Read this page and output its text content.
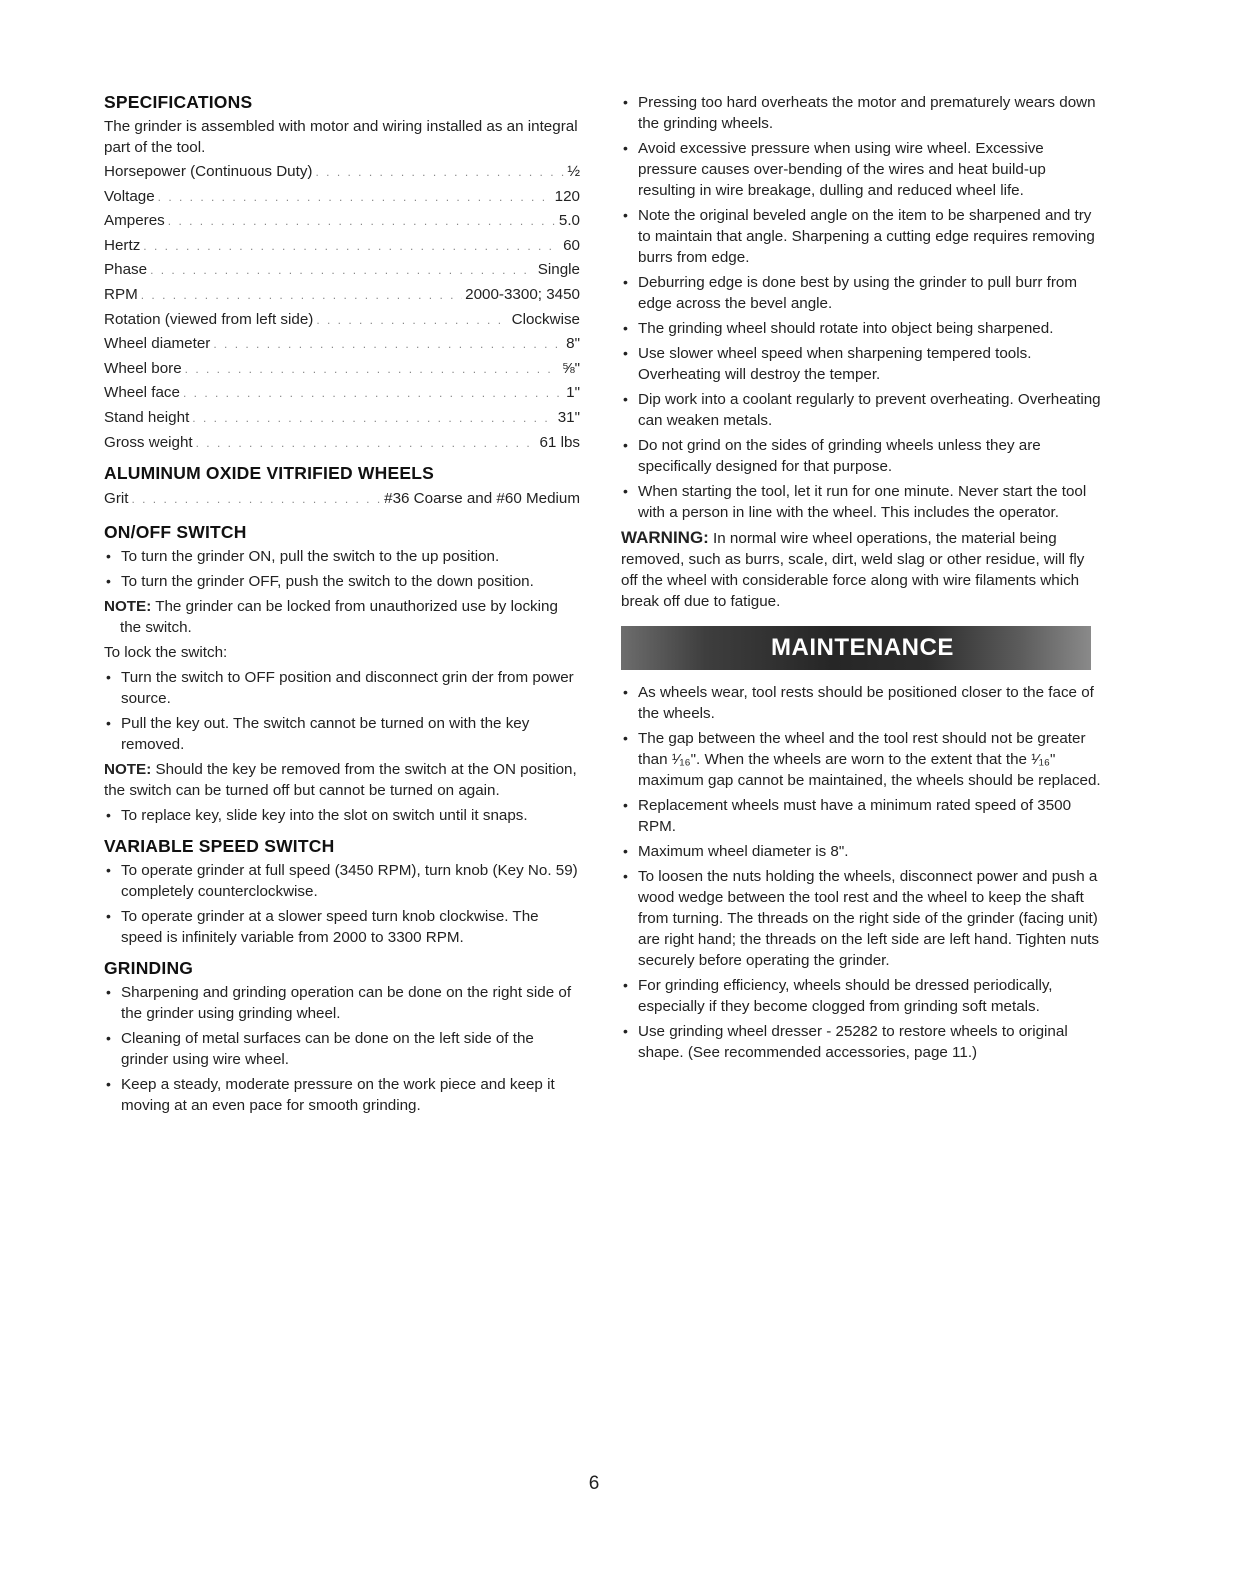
SPECIFICATIONS

The grinder is assembled with motor and wiring installed as an integral part of the tool.

Horsepower (Continuous Duty) . . .	½
Voltage . . .	120
Amperes . . .	5.0
Hertz . . .	60
Phase . . .	Single
RPM . . .	2000-3300; 3450
Rotation (viewed from left side) . . .	Clockwise
Wheel diameter . . .	8"
Wheel bore . . .	⅝"
Wheel face . . .	1"
Stand height . . .	31"
Gross weight . . .	61 lbs
ALUMINUM OXIDE VITRIFIED WHEELS
Grit . . .	#36 Coarse and #60 Medium
ON/OFF SWITCH
• To turn the grinder ON, pull the switch to the up position.
• To turn the grinder OFF, push the switch to the down position.
NOTE: The grinder can be locked from unauthorized use by locking the switch.

To lock the switch:

• Turn the switch to OFF position and disconnect grin der from power source.
• Pull the key out. The switch cannot be turned on with the key removed.
NOTE: Should the key be removed from the switch at the ON position, the switch can be turned off but cannot be turned on again.
• To replace key, slide key into the slot on switch until it snaps.
VARIABLE SPEED SWITCH
• To operate grinder at full speed (3450 RPM), turn knob (Key No. 59) completely counterclockwise.
• To operate grinder at a slower speed turn knob clockwise. The speed is infinitely variable from 2000 to 3300 RPM.
GRINDING
• Sharpening and grinding operation can be done on the right side of the grinder using grinding wheel.
• Cleaning of metal surfaces can be done on the left side of the grinder using wire wheel.
• Keep a steady, moderate pressure on the work piece and keep it moving at an even pace for smooth grinding.
• Pressing too hard overheats the motor and prematurely wears down the grinding wheels.
• Avoid excessive pressure when using wire wheel. Excessive pressure causes over-bending of the wires and heat build-up resulting in wire breakage, dulling and reduced wheel life.
• Note the original beveled angle on the item to be sharpened and try to maintain that angle. Sharpening a cutting edge requires removing burrs from edge.
• Deburring edge is done best by using the grinder to pull burr from edge across the bevel angle.
• The grinding wheel should rotate into object being sharpened.
• Use slower wheel speed when sharpening tempered tools. Overheating will destroy the temper.
• Dip work into a coolant regularly to prevent overheating. Overheating can weaken metals.
• Do not grind on the sides of grinding wheels unless they are specifically designed for that purpose.
• When starting the tool, let it run for one minute. Never start the tool with a person in line with the wheel. This includes the operator.
WARNING: In normal wire wheel operations, the material being removed, such as burrs, scale, dirt, weld slag or other residue, will fly off the wheel with considerable force along with wire filaments which break off due to fatigue.
MAINTENANCE
• As wheels wear, tool rests should be positioned closer to the face of the wheels.
• The gap between the wheel and the tool rest should not be greater than ¹⁄₁₆". When the wheels are worn to the extent that the ¹⁄₁₆" maximum gap cannot be maintained, the wheels should be replaced.
• Replacement wheels must have a minimum rated speed of 3500 RPM.
• Maximum wheel diameter is 8".
• To loosen the nuts holding the wheels, disconnect power and push a wood wedge between the tool rest and the wheel to keep the shaft from turning. The threads on the right side of the grinder (facing unit) are right hand; the threads on the left side are left hand. Tighten nuts securely before operating the grinder.
• For grinding efficiency, wheels should be dressed periodically, especially if they become clogged from grinding soft metals.
• Use grinding wheel dresser - 25282 to restore wheels to original shape. (See recommended accessories, page 11.)
6
